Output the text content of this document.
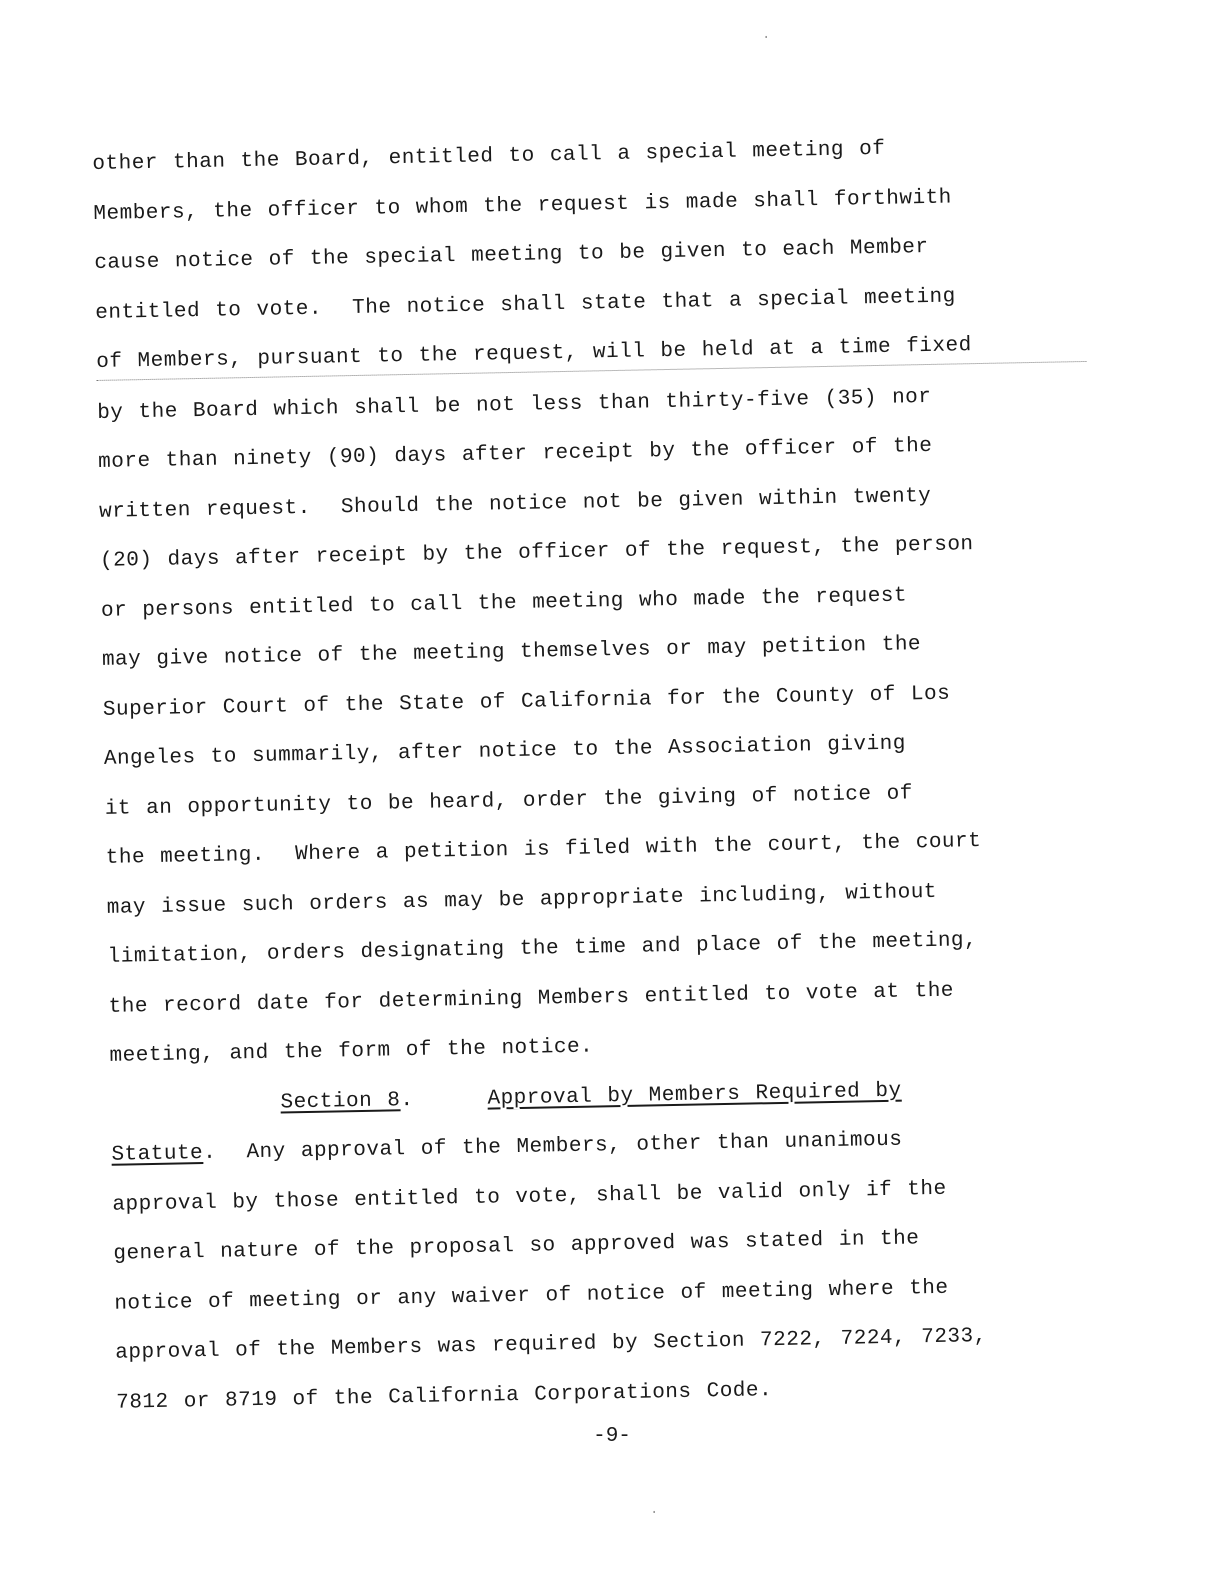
·
·
other than the Board, entitled to call a special meeting of
Members, the officer to whom the request is made shall forthwith
cause notice of the special meeting to be given to each Member
entitled to vote.  The notice shall state that a special meeting
of Members, pursuant to the request, will be held at a time fixed
by the Board which shall be not less than thirty-five (35) nor
more than ninety (90) days after receipt by the officer of the
written request.  Should the notice not be given within twenty
(20) days after receipt by the officer of the request, the person
or persons entitled to call the meeting who made the request
may give notice of the meeting themselves or may petition the
Superior Court of the State of California for the County of Los
Angeles to summarily, after notice to the Association giving
it an opportunity to be heard, order the giving of notice of
the meeting.  Where a petition is filed with the court, the court
may issue such orders as may be appropriate including, without
limitation, orders designating the time and place of the meeting,
the record date for determining Members entitled to vote at the
meeting, and the form of the notice.
Section 8.	Approval by Members Required by
Statute.  Any approval of the Members, other than unanimous
approval by those entitled to vote, shall be valid only if the
general nature of the proposal so approved was stated in the
notice of meeting or any waiver of notice of meeting where the
approval of the Members was required by Section 7222, 7224, 7233,
7812 or 8719 of the California Corporations Code.
-9-
